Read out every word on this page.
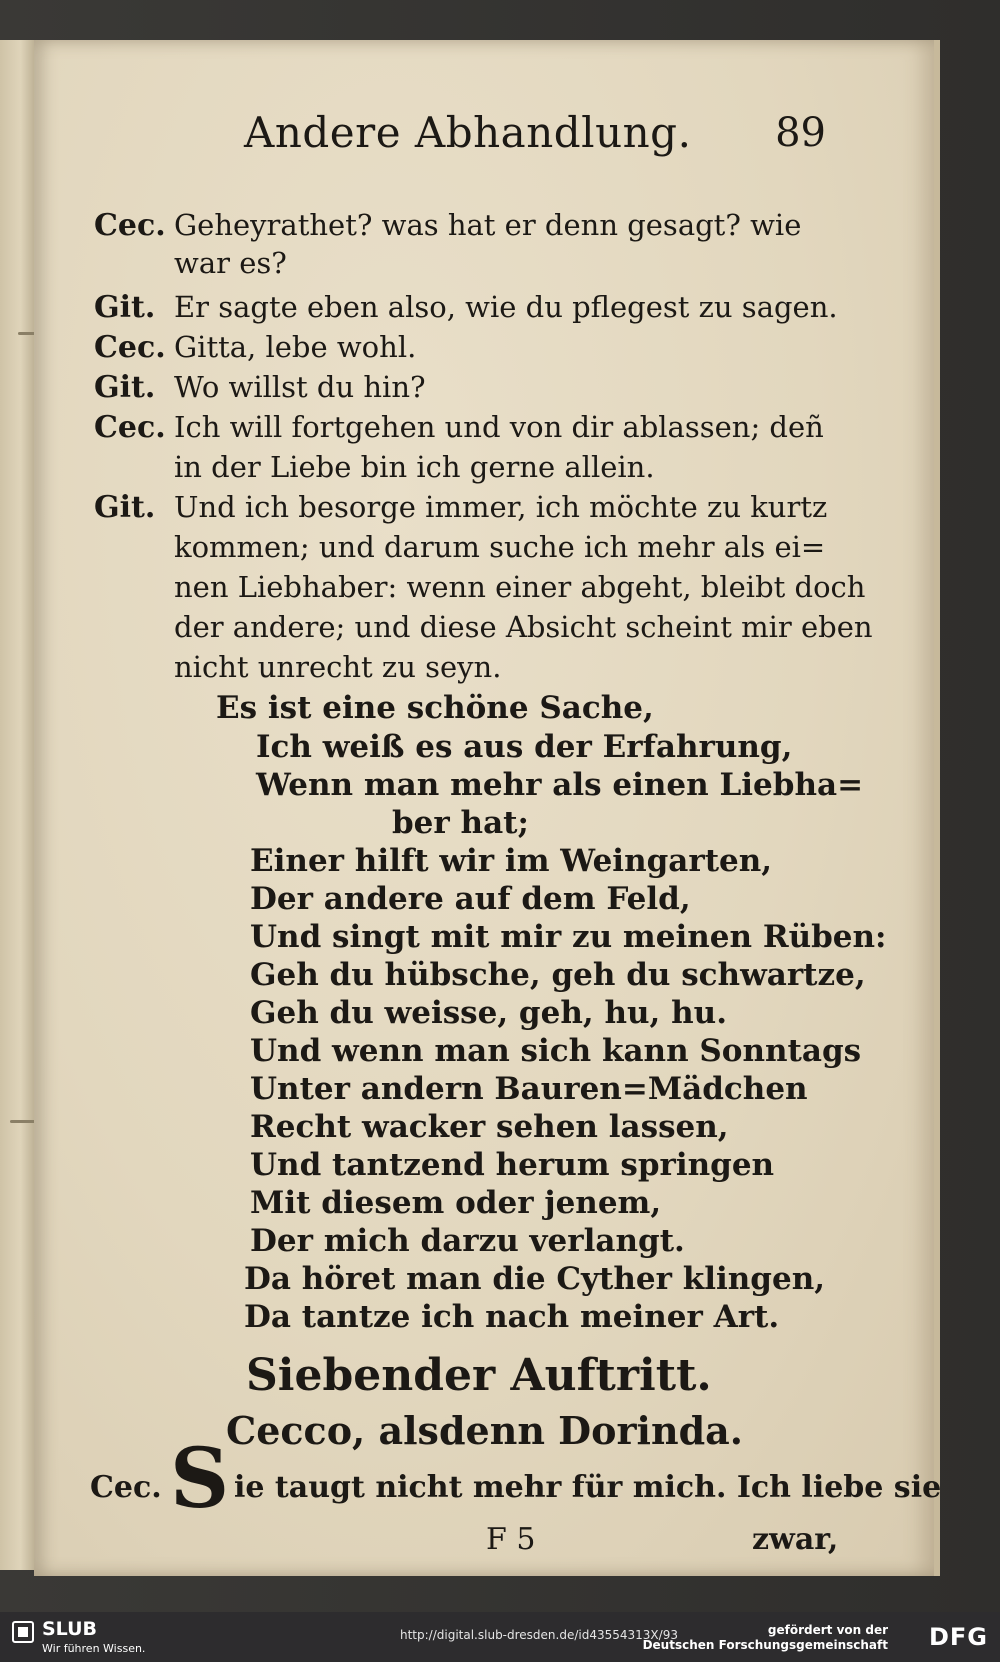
Andere Abhandlung. 89
Cec. Geheyrathet? was hat er denn gesagt? wie
war es?
Git. Er sagte eben also, wie du pflegest zu sagen.
Cec. Gitta, lebe wohl.
Git. Wo willst du hin?
Cec. Ich will fortgehen und von dir ablassen; deñ
in der Liebe bin ich gerne allein.
Git. Und ich besorge immer, ich möchte zu kurtz
kommen; und darum suche ich mehr als ei=
nen Liebhaber: wenn einer abgeht, bleibt doch
der andere; und diese Absicht scheint mir eben
nicht unrecht zu seyn.
Es ist eine schöne Sache,
Ich weiß es aus der Erfahrung,
Wenn man mehr als einen Liebha=
ber hat;
Einer hilft wir im Weingarten,
Der andere auf dem Feld,
Und singt mit mir zu meinen Rüben:
Geh du hübsche, geh du schwartze,
Geh du weisse, geh, hu, hu.
Und wenn man sich kann Sonntags
Unter andern Bauren=Mädchen
Recht wacker sehen lassen,
Und tantzend herum springen
Mit diesem oder jenem,
Der mich darzu verlangt.
Da höret man die Cyther klingen,
Da tantze ich nach meiner Art.
Siebender Auftritt.
Cecco, alsdenn Dorinda.
Cec. S ie taugt nicht mehr für mich. Ich liebe sie
F 5	zwar,
SLUB
Wir führen Wissen.
http://digital.slub-dresden.de/id43554313X/93	gefördert von der
Deutschen Forschungsgemeinschaft DFG
